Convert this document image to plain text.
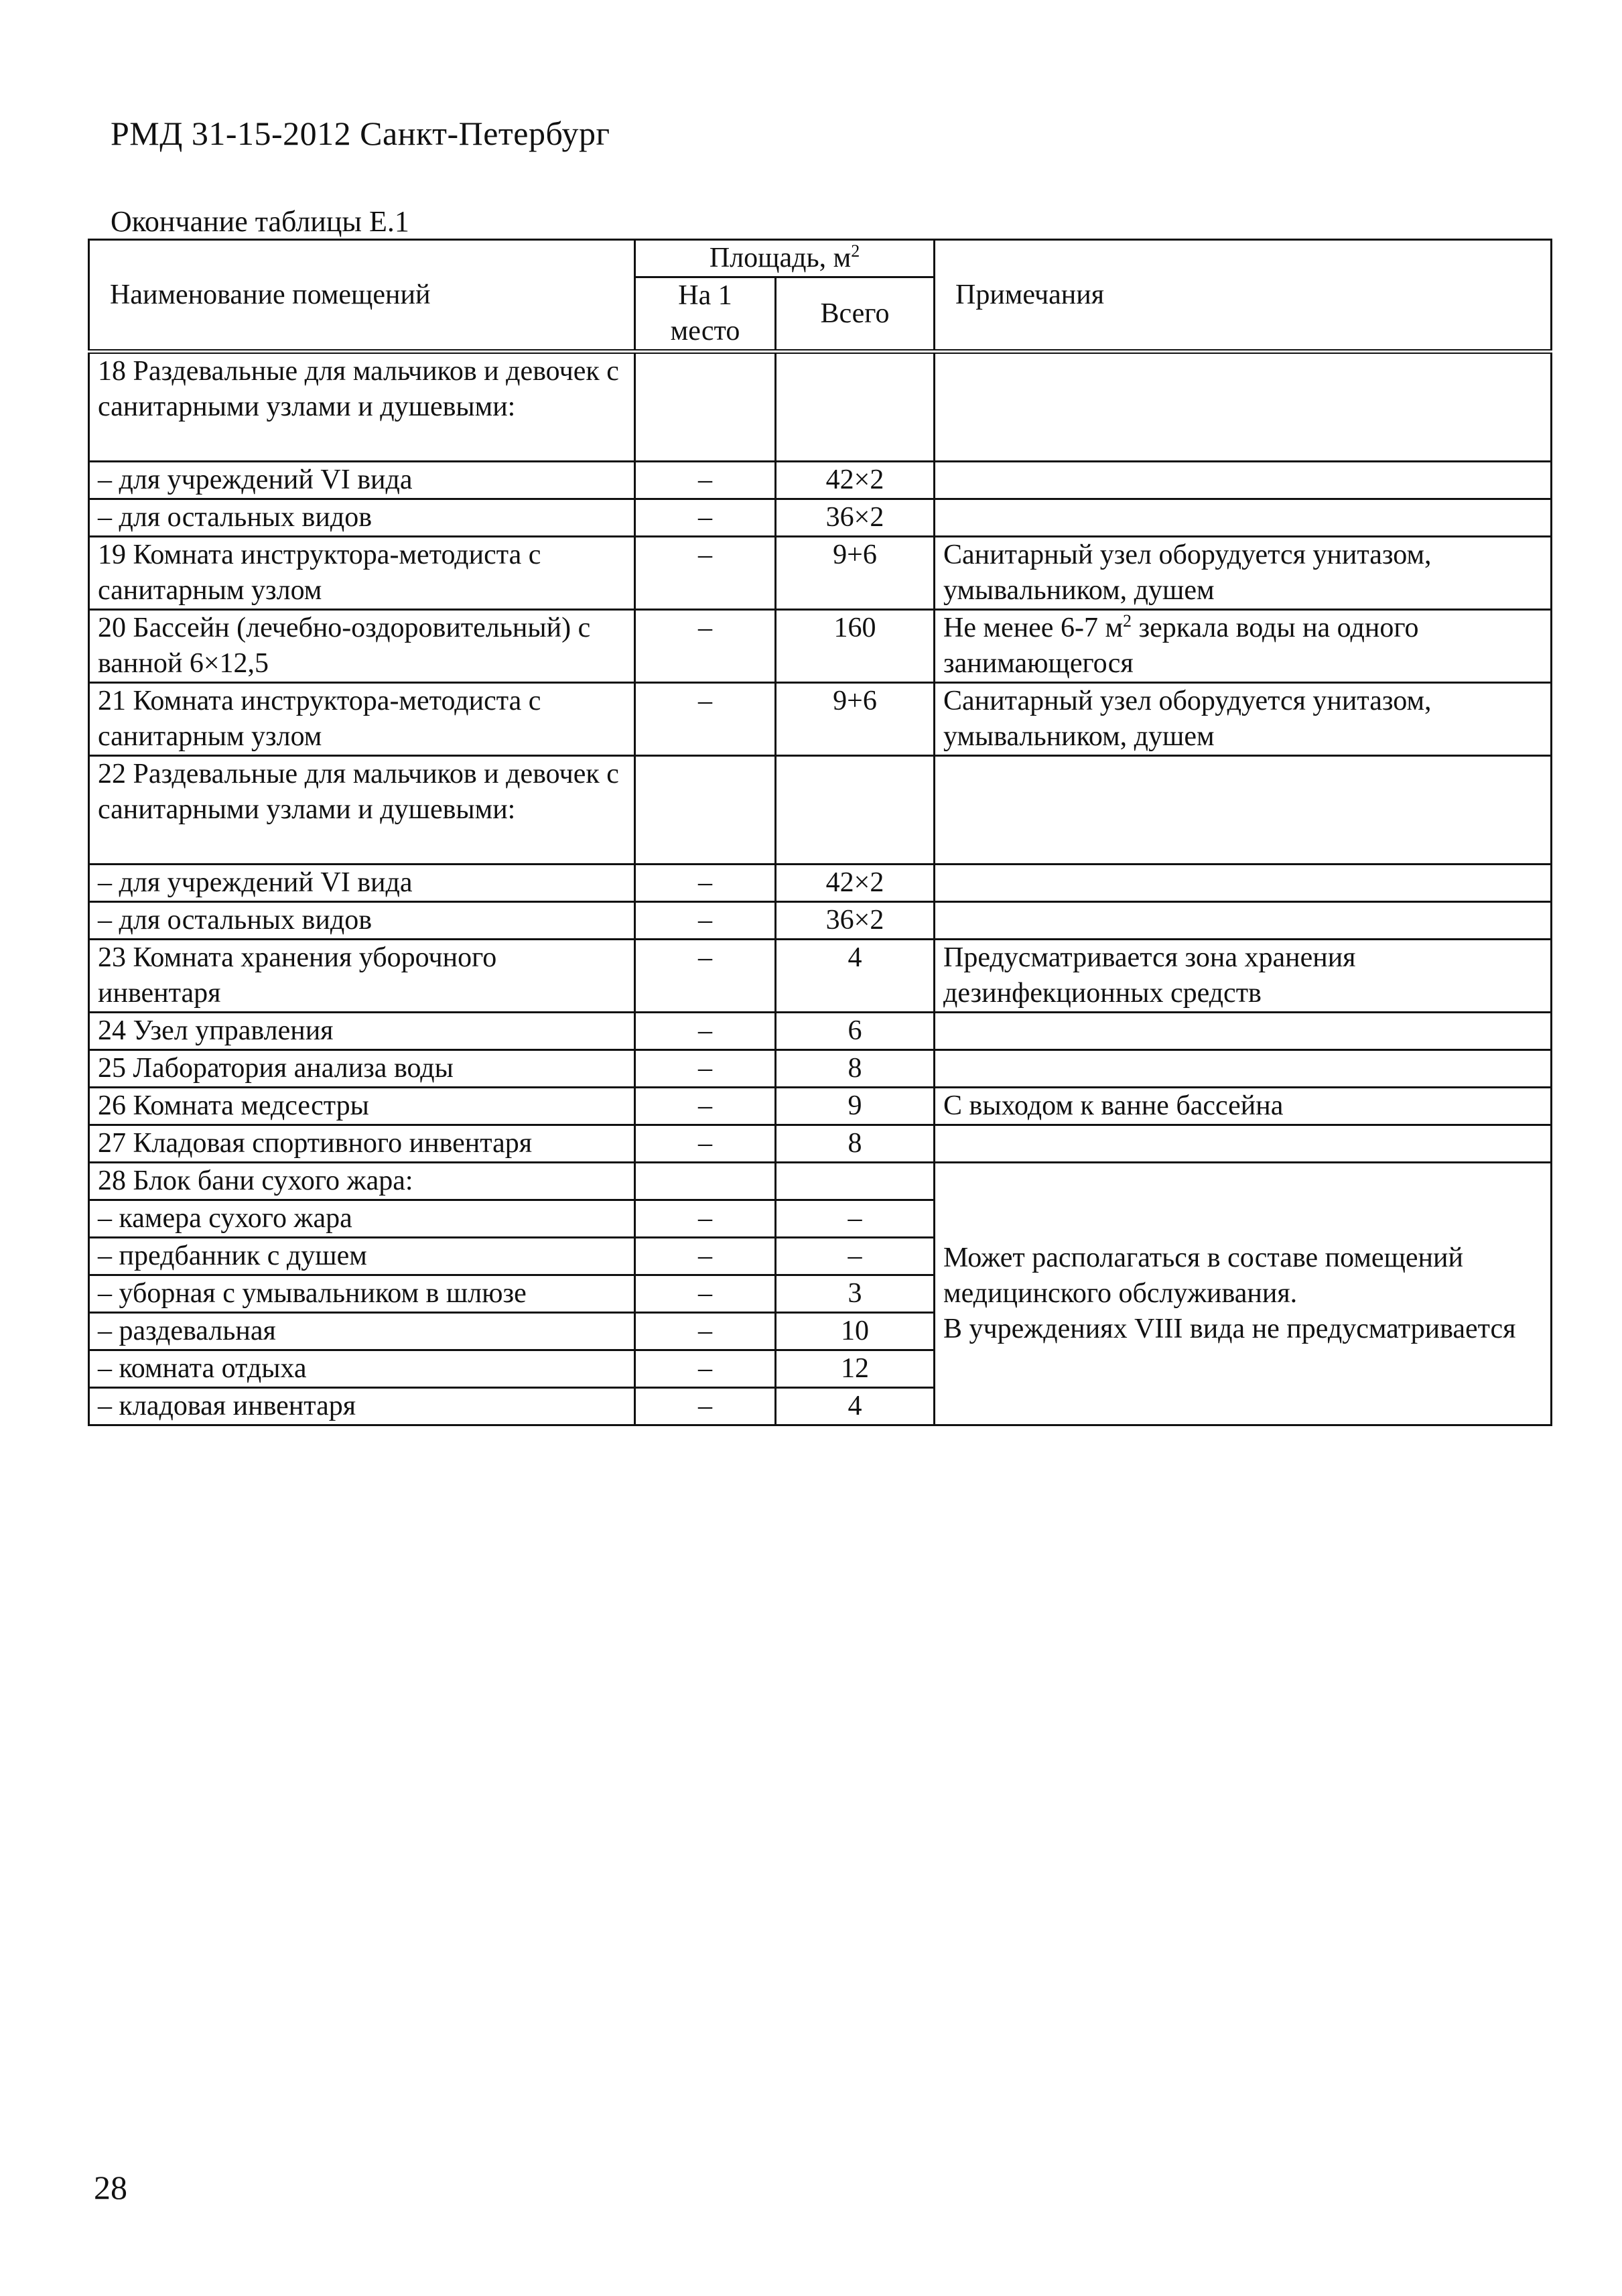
РМД 31-15-2012 Санкт-Петербург
Окончание таблицы Е.1
Наименование помещений	Площадь, $м^2$		Примечания
	На 1 место	Всего	
18 Раздевальные для мальчиков и девочек с санитарными узлами и душевыми:			
– для учреждений VI вида	–	42×2	
– для остальных видов	–	36×2	
19 Комната инструктора-методиста с санитарным узлом	–	9+6	Санитарный узел оборудуется унитазом, умывальником, душем
20 Бассейн (лечебно-оздоровительный) с ванной 6×12,5	–	160	Не менее 6-7 $м^2$ зеркала воды на одного занимающегося
21 Комната инструктора-методиста с санитарным узлом	–	9+6	Санитарный узел оборудуется унитазом, умывальником, душем
22 Раздевальные для мальчиков и девочек с санитарными узлами и душевыми:			
– для учреждений VI вида	–	42×2	
– для остальных видов	–	36×2	
23 Комната хранения уборочного инвентаря	–	4	Предусматривается зона хранения дезинфекционных средств
24 Узел управления	–	6	
25 Лаборатория анализа воды	–	8	
26 Комната медсестры	–	9	С выходом к ванне бассейна
27 Кладовая спортивного инвентаря	–	8	
28 Блок бани сухого жара:			Может располагаться в составе помещений медицинского обслуживания.
В учреждениях VIII вида не предусматривается

– камера сухого жара	–	–	
– предбанник с душем	–	–	
– уборная с умывальником в шлюзе	–	3	
– раздевальная	–	10	
– комната отдыха	–	12	
– кладовая инвентаря	–	4	
28
